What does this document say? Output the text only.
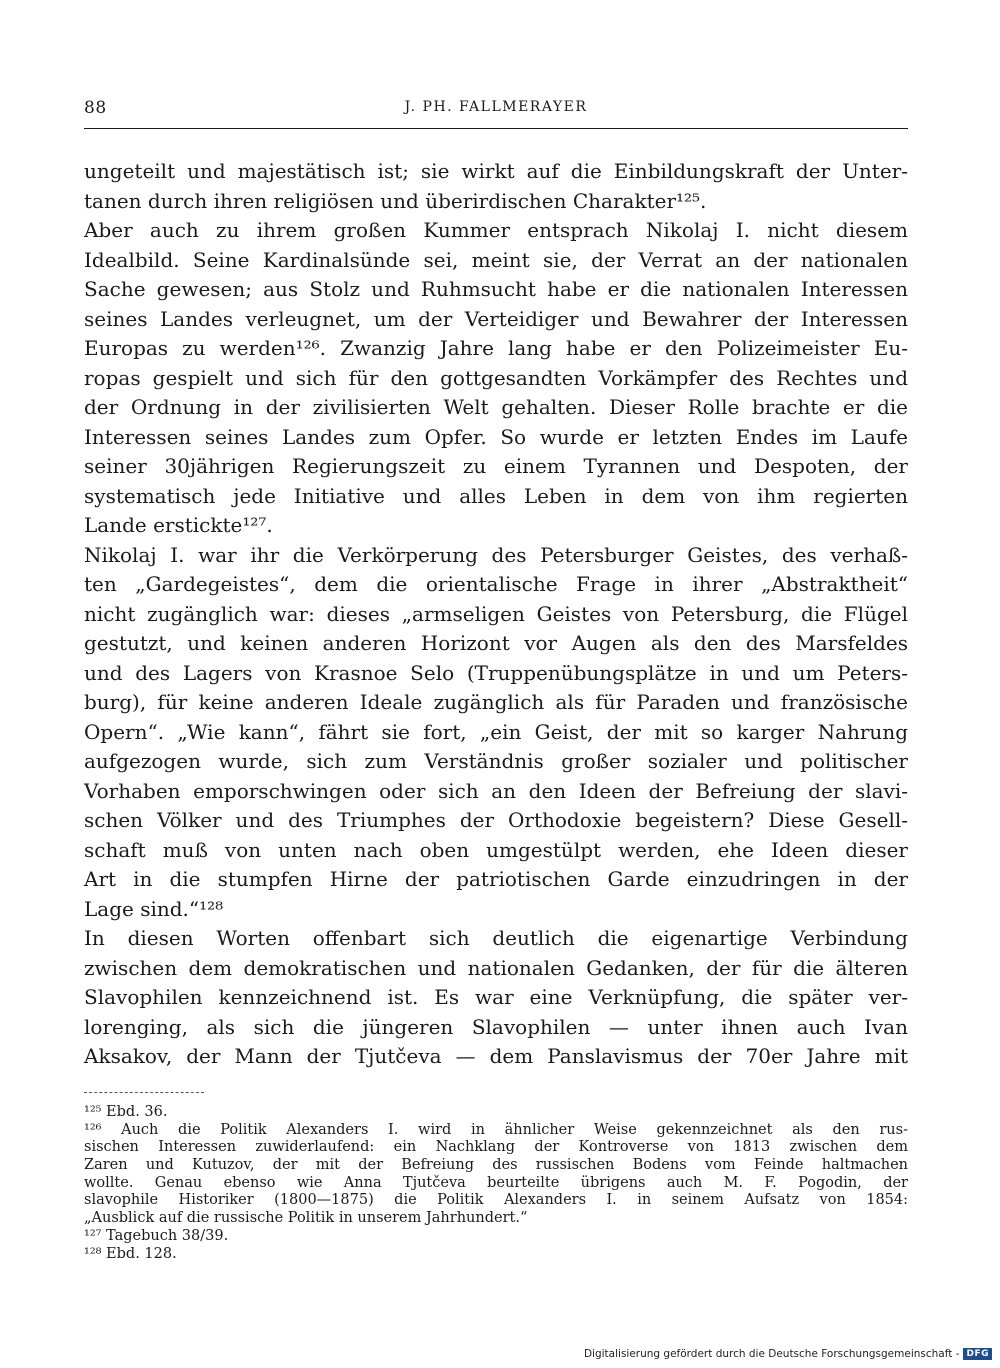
88	J. PH. FALLMERAYER
ungeteilt und majestätisch ist; sie wirkt auf die Einbildungskraft der Unter-
tanen durch ihren religiösen und überirdischen Charakter¹²⁵.
Aber auch zu ihrem großen Kummer entsprach Nikolaj I. nicht diesem
Idealbild. Seine Kardinalsünde sei, meint sie, der Verrat an der nationalen
Sache gewesen; aus Stolz und Ruhmsucht habe er die nationalen Interessen
seines Landes verleugnet, um der Verteidiger und Bewahrer der Interessen
Europas zu werden¹²⁶. Zwanzig Jahre lang habe er den Polizeimeister Eu-
ropas gespielt und sich für den gottgesandten Vorkämpfer des Rechtes und
der Ordnung in der zivilisierten Welt gehalten. Dieser Rolle brachte er die
Interessen seines Landes zum Opfer. So wurde er letzten Endes im Laufe
seiner 30jährigen Regierungszeit zu einem Tyrannen und Despoten, der
systematisch jede Initiative und alles Leben in dem von ihm regierten
Lande erstickte¹²⁷.
Nikolaj I. war ihr die Verkörperung des Petersburger Geistes, des verhaß-
ten „Gardegeistes“, dem die orientalische Frage in ihrer „Abstraktheit“
nicht zugänglich war: dieses „armseligen Geistes von Petersburg, die Flügel
gestutzt, und keinen anderen Horizont vor Augen als den des Marsfeldes
und des Lagers von Krasnoe Selo (Truppenübungsplätze in und um Peters-
burg), für keine anderen Ideale zugänglich als für Paraden und französische
Opern“. „Wie kann“, fährt sie fort, „ein Geist, der mit so karger Nahrung
aufgezogen wurde, sich zum Verständnis großer sozialer und politischer
Vorhaben emporschwingen oder sich an den Ideen der Befreiung der slavi-
schen Völker und des Triumphes der Orthodoxie begeistern? Diese Gesell-
schaft muß von unten nach oben umgestülpt werden, ehe Ideen dieser
Art in die stumpfen Hirne der patriotischen Garde einzudringen in der
Lage sind.“¹²⁸
In diesen Worten offenbart sich deutlich die eigenartige Verbindung
zwischen dem demokratischen und nationalen Gedanken, der für die älteren
Slavophilen kennzeichnend ist. Es war eine Verknüpfung, die später ver-
lorenging, als sich die jüngeren Slavophilen — unter ihnen auch Ivan
Aksakov, der Mann der Tjutčeva — dem Panslavismus der 70er Jahre mit
¹²⁵ Ebd. 36.
¹²⁶ Auch die Politik Alexanders I. wird in ähnlicher Weise gekennzeichnet als den rus-
sischen Interessen zuwiderlaufend: ein Nachklang der Kontroverse von 1813 zwischen dem
Zaren und Kutuzov, der mit der Befreiung des russischen Bodens vom Feinde haltmachen
wollte. Genau ebenso wie Anna Tjutčeva beurteilte übrigens auch M. F. Pogodin, der
slavophile Historiker (1800—1875) die Politik Alexanders I. in seinem Aufsatz von 1854:
„Ausblick auf die russische Politik in unserem Jahrhundert.“
¹²⁷ Tagebuch 38/39.
¹²⁸ Ebd. 128.
Digitalisierung gefördert durch die Deutsche Forschungsgemeinschaft - DFG
